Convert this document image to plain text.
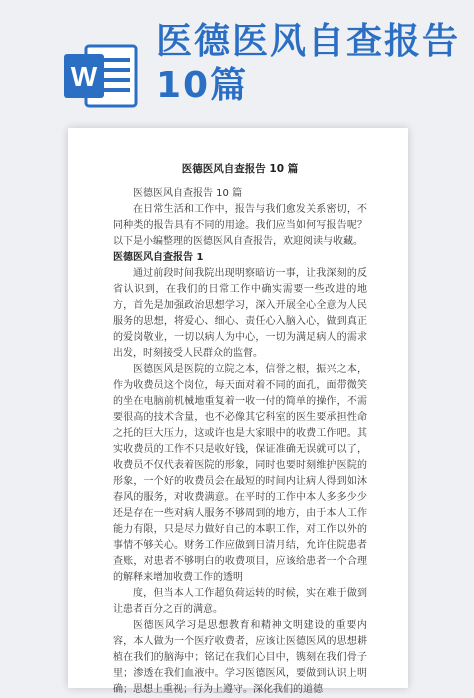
W
医德医风自查报告
10篇
医德医风自查报告 10 篇

医德医风自查报告 10 篇

在日常生活和工作中，报告与我们愈发关系密切，不同种类的报告具有不同的用途。我们应当如何写报告呢？以下是小编整理的医德医风自查报告，欢迎阅读与收藏。

医德医风自查报告 1

通过前段时间我院出现明察暗访一事，让我深刻的反省认识到，在我们的日常工作中确实需要一些改进的地方，首先是加强政治思想学习，深入开展全心全意为人民服务的思想，将爱心、细心、责任心入脑入心，做到真正的爱岗敬业，一切以病人为中心，一切为满足病人的需求出发，时刻接受人民群众的监督。

医德医风是医院的立院之本，信誉之根，振兴之本，作为收费员这个岗位，每天面对着不同的面孔，面带微笑的坐在电脑前机械地重复着一收一付的简单的操作，不需要很高的技术含量，也不必像其它科室的医生要承担性命之托的巨大压力，这或许也是大家眼中的收费工作吧。其实收费员的工作不只是收好钱，保证准确无误就可以了，收费员不仅代表着医院的形象，同时也要时刻维护医院的形象，一个好的收费员会在最短的时间内让病人得到如沐春风的服务，对收费满意。在平时的工作中本人多多少少还是存在一些对病人服务不够周到的地方，由于本人工作能力有限，只是尽力做好自己的本职工作，对工作以外的事情不够关心。财务工作应做到日清月结，允许住院患者查账，对患者不够明白的收费项目，应该给患者一个合理的解释来增加收费工作的透明

度，但当本人工作超负荷运转的时候，实在难于做到让患者百分之百的满意。

医德医风学习是思想教育和精神文明建设的重要内容，本人做为一个医疗收费者，应该让医德医风的思想耕植在我们的脑海中；铭记在我们心目中，镌刻在我们骨子里；渗透在我们血液中。学习医德医风，要做到认识上明确；思想上重视；行为上遵守。深化我们的道德
